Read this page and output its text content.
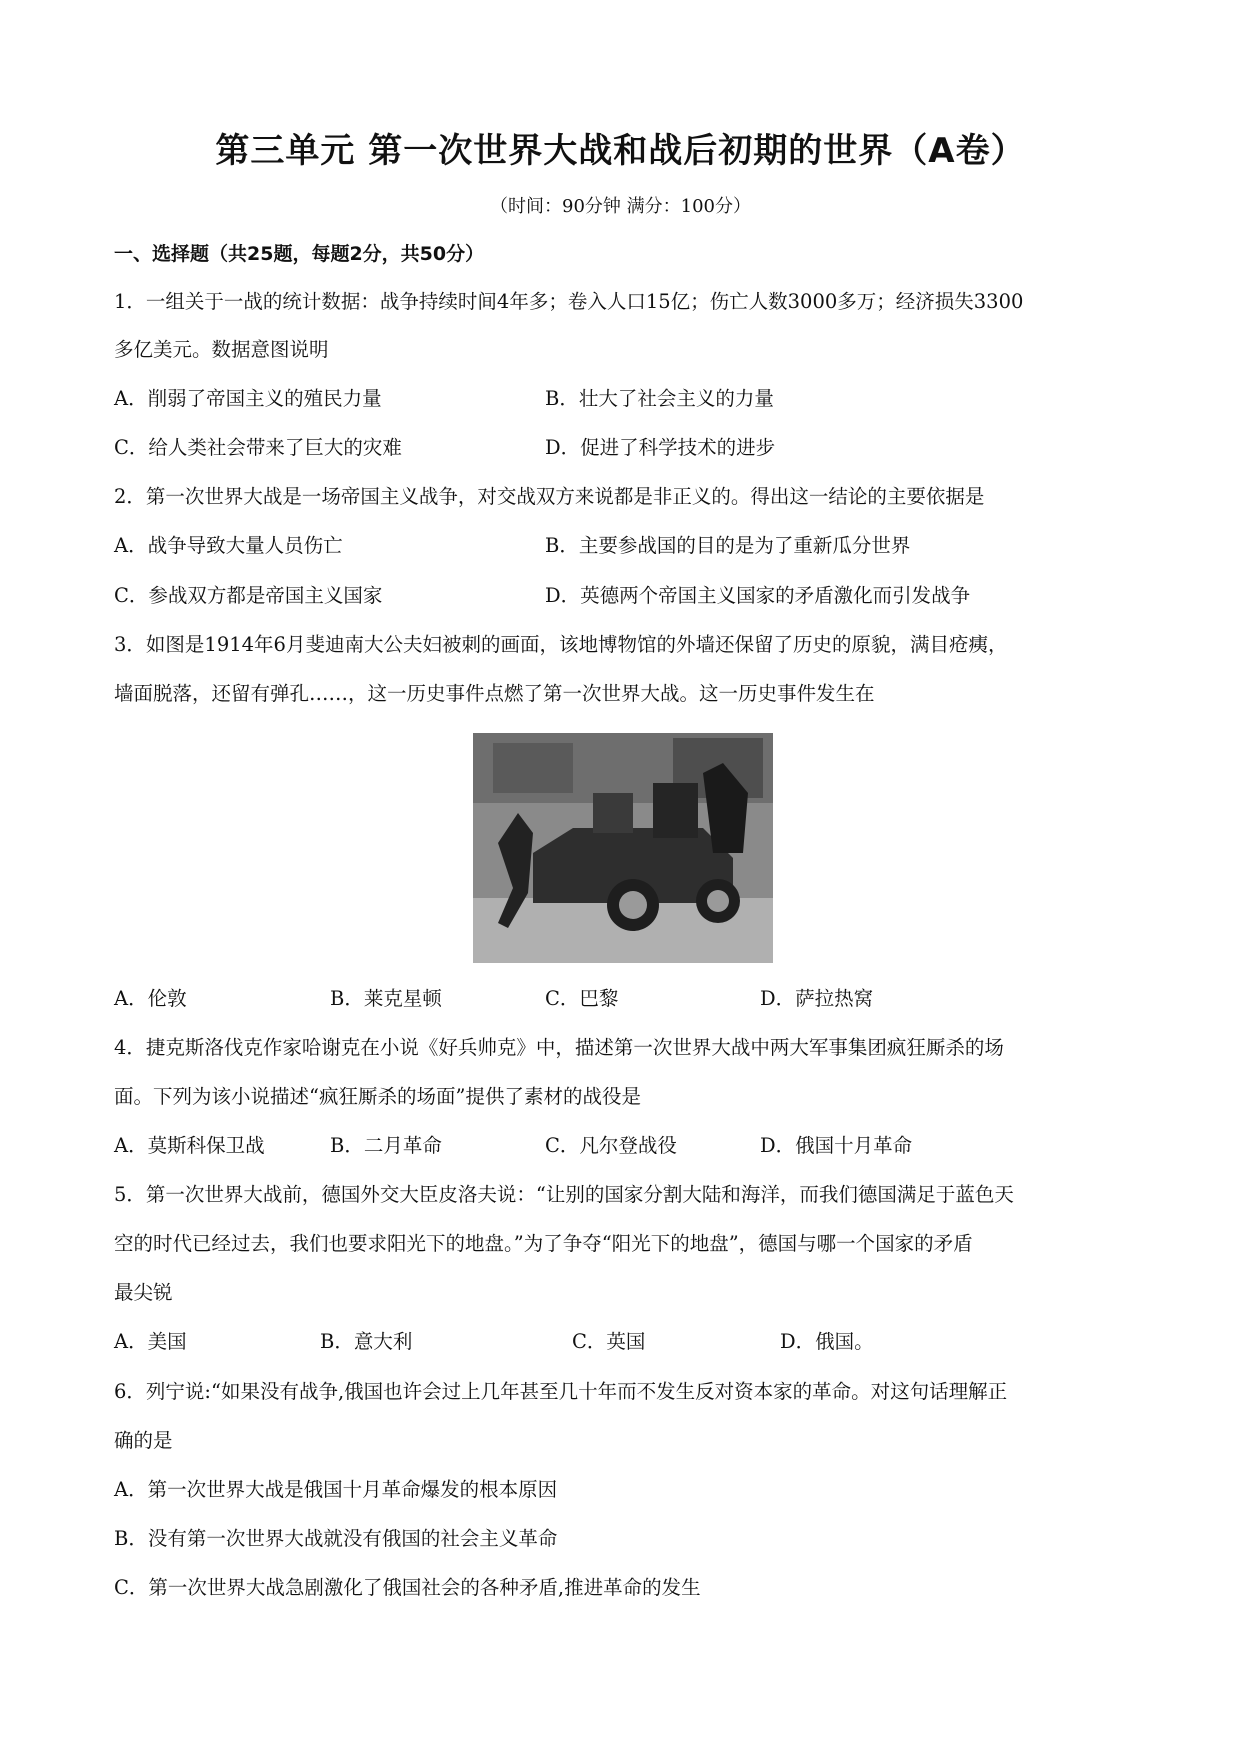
第三单元 第一次世界大战和战后初期的世界（A卷）
（时间：90分钟 满分：100分）
一、选择题（共25题，每题2分，共50分）
1．一组关于一战的统计数据：战争持续时间4年多；卷入人口15亿；伤亡人数3000多万；经济损失3300
多亿美元。数据意图说明
A．削弱了帝国主义的殖民力量	B．壮大了社会主义的力量
C．给人类社会带来了巨大的灾难	D．促进了科学技术的进步
2．第一次世界大战是一场帝国主义战争，对交战双方来说都是非正义的。得出这一结论的主要依据是
A．战争导致大量人员伤亡	B．主要参战国的目的是为了重新瓜分世界
C．参战双方都是帝国主义国家	D．英德两个帝国主义国家的矛盾激化而引发战争
3．如图是1914年6月斐迪南大公夫妇被刺的画面，该地博物馆的外墙还保留了历史的原貌，满目疮痍，
墙面脱落，还留有弹孔……，这一历史事件点燃了第一次世界大战。这一历史事件发生在
A．伦敦	B．莱克星顿	C．巴黎	D．萨拉热窝
4．捷克斯洛伐克作家哈谢克在小说《好兵帅克》中，描述第一次世界大战中两大军事集团疯狂厮杀的场
面。下列为该小说描述“疯狂厮杀的场面”提供了素材的战役是
A．莫斯科保卫战	B．二月革命	C．凡尔登战役	D．俄国十月革命
5．第一次世界大战前，德国外交大臣皮洛夫说：“让别的国家分割大陆和海洋，而我们德国满足于蓝色天
空的时代已经过去，我们也要求阳光下的地盘。”为了争夺“阳光下的地盘”，德国与哪一个国家的矛盾
最尖锐
A．美国	B．意大利	C．英国	D．俄国。
6．列宁说:“如果没有战争,俄国也许会过上几年甚至几十年而不发生反对资本家的革命。对这句话理解正
确的是
A．第一次世界大战是俄国十月革命爆发的根本原因
B．没有第一次世界大战就没有俄国的社会主义革命
C．第一次世界大战急剧激化了俄国社会的各种矛盾,推进革命的发生
